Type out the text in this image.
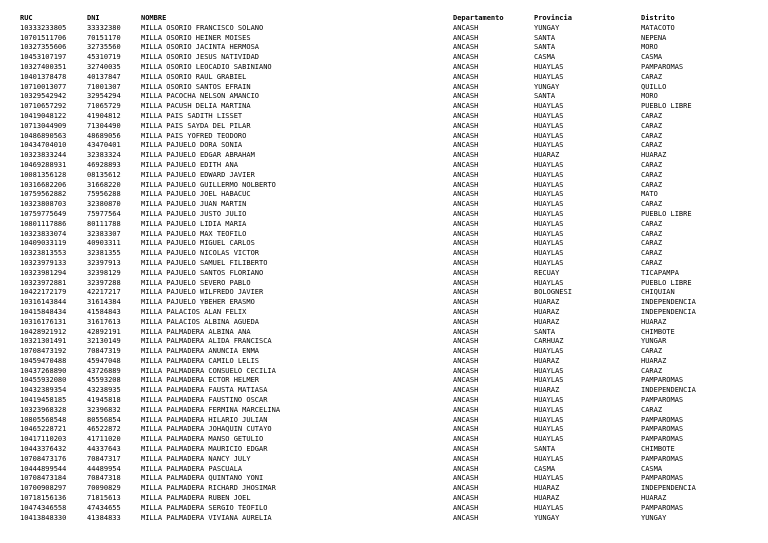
RUC	DNI	NOMBRE	Departamento	Provincia	Distrito
10333233805	33332380	MILLA OSORIO FRANCISCO SOLANO	ANCASH	YUNGAY	MATACOTO
10701511706	70151170	MILLA OSORIO HEINER MOISES	ANCASH	SANTA	NEPEÑA
10327355606	32735560	MILLA OSORIO JACINTA HERMOSA	ANCASH	SANTA	MORO
10453107197	45310719	MILLA OSORIO JESUS NATIVIDAD	ANCASH	CASMA	CASMA
10327400351	32740035	MILLA OSORIO LEOCADIO SABINIANO	ANCASH	HUAYLAS	PAMPAROMAS
10401378478	40137847	MILLA OSORIO RAUL GRABIEL	ANCASH	HUAYLAS	CARAZ
10710013077	71001307	MILLA OSORIO SANTOS EFRAIN	ANCASH	YUNGAY	QUILLO
10329542942	32954294	MILLA PACOCHA NELSON AMANCIO	ANCASH	SANTA	MORO
10710657292	71065729	MILLA PACUSH DELIA MARTINA	ANCASH	HUAYLAS	PUEBLO LIBRE
10419048122	41904812	MILLA PAIS SADITH LISSET	ANCASH	HUAYLAS	CARAZ
10713044909	71304490	MILLA PAIS SAYDA DEL PILAR	ANCASH	HUAYLAS	CARAZ
10486890563	48689056	MILLA PAIS YOFRED TEODORO	ANCASH	HUAYLAS	CARAZ
10434704010	43470401	MILLA PAJUELO DORA SONIA	ANCASH	HUAYLAS	CARAZ
10323833244	32383324	MILLA PAJUELO EDGAR ABRAHAM	ANCASH	HUARAZ	HUARAZ
10469288931	46928893	MILLA PAJUELO EDITH ANA	ANCASH	HUAYLAS	CARAZ
10081356128	08135612	MILLA PAJUELO EDWARD JAVIER	ANCASH	HUAYLAS	CARAZ
10316682206	31668220	MILLA PAJUELO GUILLERMO NOLBERTO	ANCASH	HUAYLAS	CARAZ
10759562882	75956288	MILLA PAJUELO JOEL HABACUC	ANCASH	HUAYLAS	MATO
10323808703	32380870	MILLA PAJUELO JUAN MARTIN	ANCASH	HUAYLAS	CARAZ
10759775649	75977564	MILLA PAJUELO JUSTO JULIO	ANCASH	HUAYLAS	PUEBLO LIBRE
10801117886	80111788	MILLA PAJUELO LIDIA MARIA	ANCASH	HUAYLAS	CARAZ
10323833074	32383307	MILLA PAJUELO MAX TEOFILO	ANCASH	HUAYLAS	CARAZ
10409033119	40903311	MILLA PAJUELO MIGUEL CARLOS	ANCASH	HUAYLAS	CARAZ
10323813553	32381355	MILLA PAJUELO NICOLAS VICTOR	ANCASH	HUAYLAS	CARAZ
10323979133	32397913	MILLA PAJUELO SAMUEL FILIBERTO	ANCASH	HUAYLAS	CARAZ
10323981294	32398129	MILLA PAJUELO SANTOS FLORIANO	ANCASH	RECUAY	TICAPAMPA
10323972881	32397288	MILLA PAJUELO SEVERO PABLO	ANCASH	HUAYLAS	PUEBLO LIBRE
10422172179	42217217	MILLA PAJUELO WILFREDO JAVIER	ANCASH	BOLOGNESI	CHIQUIAN
10316143844	31614384	MILLA PAJUELO YBEHER ERASMO	ANCASH	HUARAZ	INDEPENDENCIA
10415848434	41584843	MILLA PALACIOS ALAN FELIX	ANCASH	HUARAZ	INDEPENDENCIA
10316176131	31617613	MILLA PALACIOS ALBINA AGUEDA	ANCASH	HUARAZ	HUARAZ
10428921912	42892191	MILLA PALMADERA ALBINA ANA	ANCASH	SANTA	CHIMBOTE
10321301491	32130149	MILLA PALMADERA ALIDA FRANCISCA	ANCASH	CARHUAZ	YUNGAR
10708473192	70847319	MILLA PALMADERA ANUNCIA ENMA	ANCASH	HUAYLAS	CARAZ
10459470488	45947048	MILLA PALMADERA CAMILO LELIS	ANCASH	HUARAZ	HUARAZ
10437268890	43726889	MILLA PALMADERA CONSUELO CECILIA	ANCASH	HUAYLAS	CARAZ
10455932080	45593208	MILLA PALMADERA ECTOR HELMER	ANCASH	HUAYLAS	PAMPAROMAS
10432389354	43238935	MILLA PALMADERA FAUSTA MATIASA	ANCASH	HUARAZ	INDEPENDENCIA
10419458185	41945818	MILLA PALMADERA FAUSTINO OSCAR	ANCASH	HUAYLAS	PAMPAROMAS
10323968328	32396832	MILLA PALMADERA FERMINA MARCELINA	ANCASH	HUAYLAS	CARAZ
10805568548	80556854	MILLA PALMADERA HILARIO JULIAN	ANCASH	HUAYLAS	PAMPAROMAS
10465228721	46522872	MILLA PALMADERA JOHAQUIN CUTAYO	ANCASH	HUAYLAS	PAMPAROMAS
10417110203	41711020	MILLA PALMADERA MANSO GETULIO	ANCASH	HUAYLAS	PAMPAROMAS
10443376432	44337643	MILLA PALMADERA MAURICIO EDGAR	ANCASH	SANTA	CHIMBOTE
10708473176	70847317	MILLA PALMADERA NANCY JULY	ANCASH	HUAYLAS	PAMPAROMAS
10444899544	44489954	MILLA PALMADERA PASCUALA	ANCASH	CASMA	CASMA
10708473184	70847318	MILLA PALMADERA QUINTANO YONI	ANCASH	HUAYLAS	PAMPAROMAS
10700908297	70090829	MILLA PALMADERA RICHARD JHOSIMAR	ANCASH	HUARAZ	INDEPENDENCIA
10718156136	71815613	MILLA PALMADERA RUBEN JOEL	ANCASH	HUARAZ	HUARAZ
10474346558	47434655	MILLA PALMADERA SERGIO TEOFILO	ANCASH	HUAYLAS	PAMPAROMAS
10413848330	41384833	MILLA PALMADERA VIVIANA AURELIA	ANCASH	YUNGAY	YUNGAY
